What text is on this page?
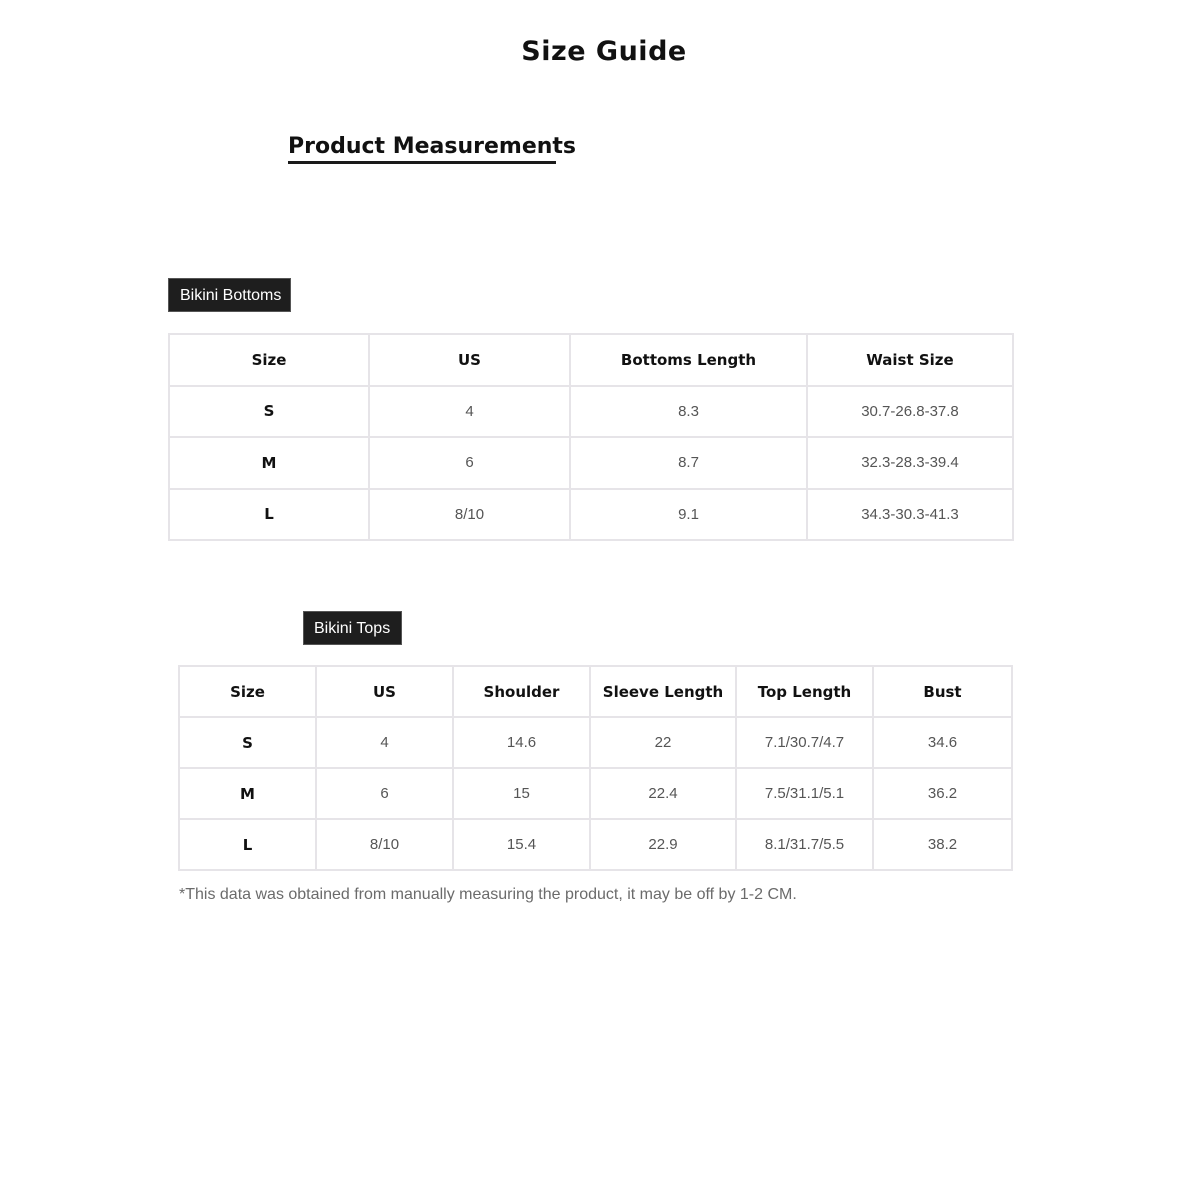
Size Guide
Product Measurements
Bikini Bottoms
Size	US	Bottoms Length	Waist Size
S	4	8.3	30.7-26.8-37.8
M	6	8.7	32.3-28.3-39.4
L	8/10	9.1	34.3-30.3-41.3
Bikini Tops
Size	US	Shoulder	Sleeve Length	Top Length	Bust
S	4	14.6	22	7.1/30.7/4.7	34.6
M	6	15	22.4	7.5/31.1/5.1	36.2
L	8/10	15.4	22.9	8.1/31.7/5.5	38.2
*This data was obtained from manually measuring the product, it may be off by 1-2 CM.
